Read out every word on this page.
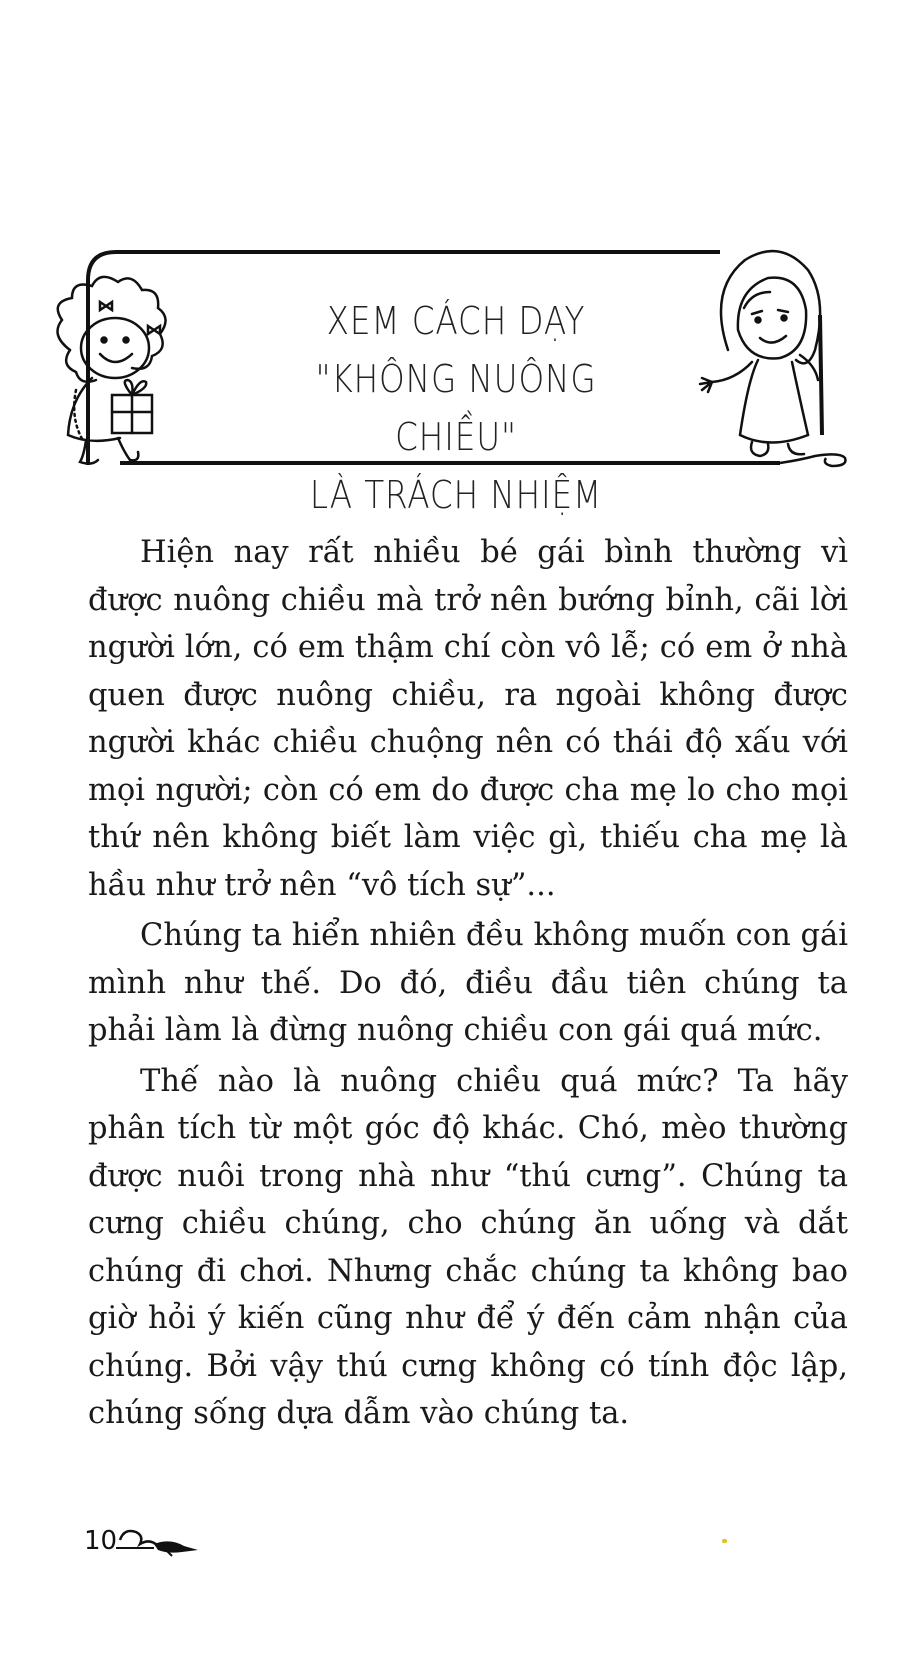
XEM CÁCH DẠY
"KHÔNG NUÔNG CHIỀU"
LÀ TRÁCH NHIỆM

Hiện nay rất nhiều bé gái bình thường vì được nuông chiều mà trở nên bướng bỉnh, cãi lời người lớn, có em thậm chí còn vô lễ; có em ở nhà quen được nuông chiều, ra ngoài không được người khác chiều chuộng nên có thái độ xấu với mọi người; còn có em do được cha mẹ lo cho mọi thứ nên không biết làm việc gì, thiếu cha mẹ là hầu như trở nên “vô tích sự”...

Chúng ta hiển nhiên đều không muốn con gái mình như thế. Do đó, điều đầu tiên chúng ta phải làm là đừng nuông chiều con gái quá mức.

Thế nào là nuông chiều quá mức? Ta hãy phân tích từ một góc độ khác. Chó, mèo thường được nuôi trong nhà như “thú cưng”. Chúng ta cưng chiều chúng, cho chúng ăn uống và dắt chúng đi chơi. Nhưng chắc chúng ta không bao giờ hỏi ý kiến cũng như để ý đến cảm nhận của chúng. Bởi vậy thú cưng không có tính độc lập, chúng sống dựa dẫm vào chúng ta.

10
